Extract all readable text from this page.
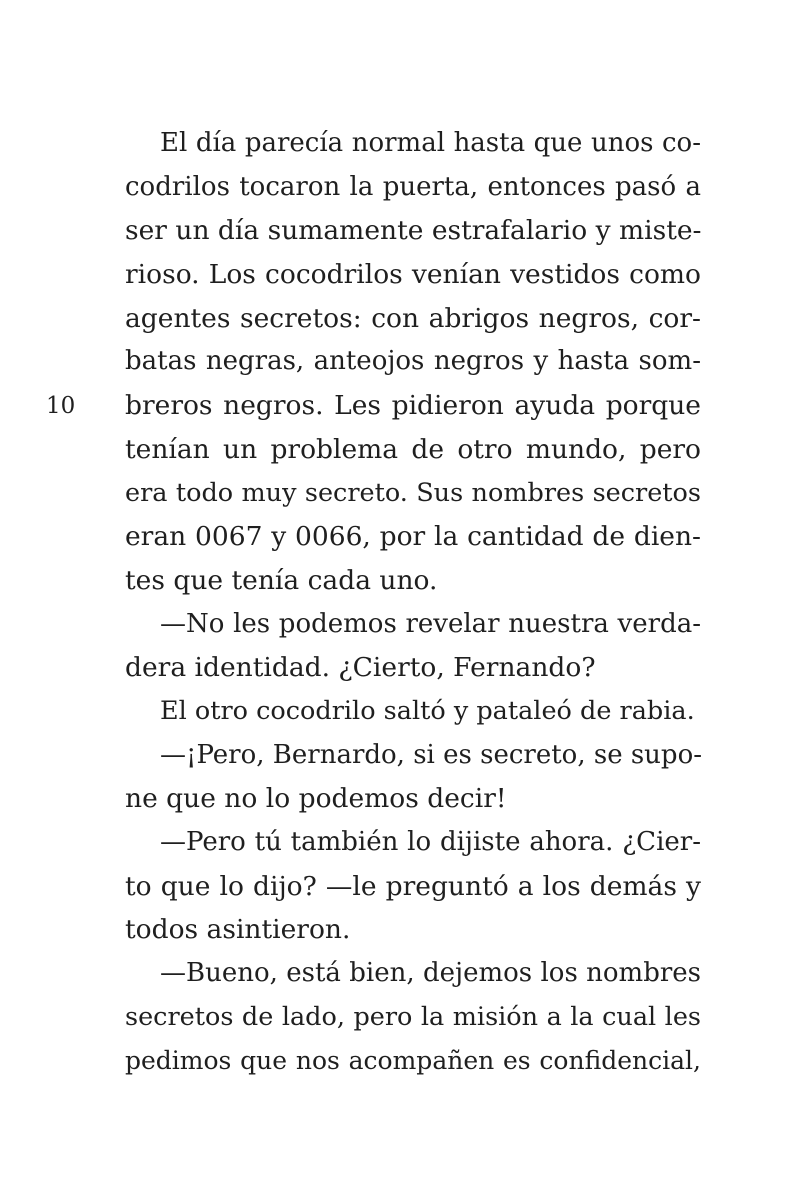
10
El día parecía normal hasta que unos co-
codrilos tocaron la puerta, entonces pasó a
ser un día sumamente estrafalario y miste-
rioso. Los cocodrilos venían vestidos como
agentes secretos: con abrigos negros, cor-
batas negras, anteojos negros y hasta som-
breros negros. Les pidieron ayuda porque
tenían un problema de otro mundo, pero
era todo muy secreto. Sus nombres secretos
eran 0067 y 0066, por la cantidad de dien-
tes que tenía cada uno.
—No les podemos revelar nuestra verda-
dera identidad. ¿Cierto, Fernando?
El otro cocodrilo saltó y pataleó de rabia.
—¡Pero, Bernardo, si es secreto, se supo-
ne que no lo podemos decir!
—Pero tú también lo dijiste ahora. ¿Cier-
to que lo dijo? —le preguntó a los demás y
todos asintieron.
—Bueno, está bien, dejemos los nombres
secretos de lado, pero la misión a la cual les
pedimos que nos acompañen es confidencial,
